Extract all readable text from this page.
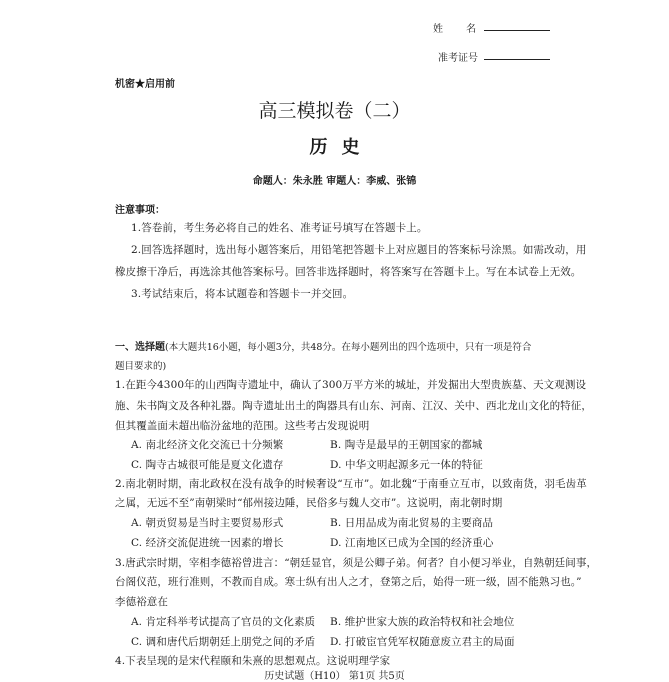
姓 名
准考证号
机密★启用前
高三模拟卷（二）
历史
命题人：朱永胜 审题人：李威、张锦
注意事项：
1.答卷前，考生务必将自己的姓名、准考证号填写在答题卡上。
2.回答选择题时，选出每小题答案后，用铅笔把答题卡上对应题目的答案标号涂黑。如需改动，用
橡皮擦干净后，再选涂其他答案标号。回答非选择题时，将答案写在答题卡上。写在本试卷上无效。
3.考试结束后，将本试题卷和答题卡一并交回。
一、选择题(本大题共16小题，每小题3分，共48分。在每小题列出的四个选项中，只有一项是符合
题目要求的)
1.在距今4300年的山西陶寺遗址中，确认了300万平方米的城址，并发掘出大型贵族墓、天文观测设
施、朱书陶文及各种礼器。陶寺遗址出土的陶器具有山东、河南、江汉、关中、西北龙山文化的特征，
但其覆盖面未超出临汾盆地的范围。这些考古发现说明
A. 南北经济文化交流已十分频繁	B. 陶寺是最早的王朝国家的都城
C. 陶寺古城很可能是夏文化遗存	D. 中华文明起源多元一体的特征
2.南北朝时期，南北政权在没有战争的时候奢设“互市”。如北魏“于南垂立互市，以致南货，羽毛齿革
之属，无远不至”南朝梁时“郁州接边陲，民俗多与魏人交市”。这说明，南北朝时期
A. 朝贡贸易是当时主要贸易形式	B. 日用品成为南北贸易的主要商品
C. 经济交流促进统一因素的增长	D. 江南地区已成为全国的经济重心
3.唐武宗时期，宰相李德裕曾进言：“朝廷显官，须是公卿子弟。何者？自小便习举业，自熟朝廷间事，
台阁仪范，班行准则，不教而自成。寒士纵有出人之才，登第之后，始得一班一级，固不能熟习也。”
李德裕意在
A. 肯定科举考试提高了官员的文化素质 B. 维护世家大族的政治特权和社会地位
C. 调和唐代后期朝廷上朋党之间的矛盾 D. 打破宦官凭军权随意废立君主的局面
4.下表呈现的是宋代程颐和朱熹的思想观点。这说明理学家
历史试题（H10） 第1页 共5页
